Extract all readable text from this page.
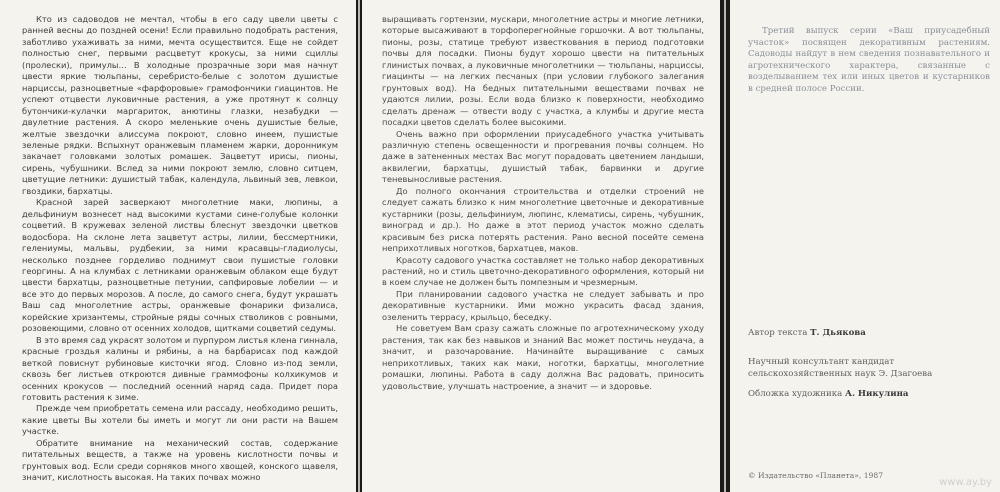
Кто из садоводов не мечтал, чтобы в его саду цвели цветы с ранней весны до поздней осени! Если правильно подобрать растения, заботливо ухаживать за ними, мечта осуществится. Еще не сойдет полностью снег, первыми расцветут крокусы, за ними сциллы (пролески), примулы… В холодные прозрачные зори мая начнут цвести яркие тюльпаны, серебристо-белые с золотом душистые нарциссы, разноцветные «фарфоровые» грамофончики гиацинтов. Не успеют отцвести луковичные растения, а уже протянут к солнцу бутончики-кулачки маргариток, анютины глазки, незабудки — двулетние растения. А скоро меленькие очень душистые белые, желтые звездочки алиссума покроют, словно инеем, пушистые зеленые рядки. Вспыхнут оранжевым пламенем жарки, доронникум закачает головками золотых ромашек. Зацветут ирисы, пионы, сирень, чубушники. Вслед за ними покроют землю, словно ситцем, цветущие летники: душистый табак, календула, львиный зев, левкои, гвоздики, бархатцы.

Красной зарей засверкают многолетние маки, люпины, а дельфиниум вознесет над высокими кустами сине-голубые колонки соцветий. В кружевах зеленой листвы блеснут звездочки цветков водосбора. На склоне лета зацветут астры, лилии, бессмертники, гелениумы, мальвы, рудбекии, за ними красавцы-гладиолусы, несколько позднее горделиво поднимут свои пушистые головки георгины. А на клумбах с летниками оранжевым облаком еще будут цвести бархатцы, разноцветные петунии, сапфировые лобелии — и все это до первых морозов. А после, до самого снега, будут украшать Ваш сад многолетние астры, оранжевые фонарики физалиса, корейские хризантемы, стройные ряды сочных стволиков с ровными, розовеющими, словно от осенних холодов, щитками соцветий седумы.

В это время сад украсят золотом и пурпуром листья клена гиннала, красные гроздья калины и рябины, а на барбарисах под каждой веткой повиснут рубиновые кисточки ягод. Словно из-под земли, сквозь бег листьев откроются дивные граммофоны колхикумов и осенних крокусов — последний осенний наряд сада. Придет пора готовить растения к зиме.

Прежде чем приобретать семена или рассаду, необходимо решить, какие цветы Вы хотели бы иметь и могут ли они расти на Вашем участке.

Обратите внимание на механический состав, содержание питательных веществ, а также на уровень кислотности почвы и грунтовых вод. Если среди сорняков много хвощей, конского щавеля, значит, кислотность высокая. На таких почвах можно

выращивать гортензии, мускари, многолетние астры и многие летники, которые высаживают в торфоперегнойные горшочки. А вот тюльпаны, пионы, розы, статице требуют известкования в период подготовки почвы для посадки. Пионы будут хорошо цвести на питательных глинистых почвах, а луковичные многолетники — тюльпаны, нарциссы, гиацинты — на легких песчаных (при условии глубокого залегания грунтовых вод). На бедных питательными веществами почвах не удаются лилии, розы. Если вода близко к поверхности, необходимо сделать дренаж — отвести воду с участка, а клумбы и другие места посадки цветов сделать более высокими.

Очень важно при оформлении приусадебного участка учитывать различную степень освещенности и прогревания почвы солнцем. Но даже в затененных местах Вас могут порадовать цветением ландыши, аквилегии, бархатцы, душистый табак, барвинки и другие теневыносливые растения.

До полного окончания строительства и отделки строений не следует сажать близко к ним многолетние цветочные и декоративные кустарники (розы, дельфиниум, люпинс, клематисы, сирень, чубушник, виноград и др.). Но даже в этот период участок можно сделать красивым без риска потерять растения. Рано весной посейте семена неприхотливых ноготков, бархатцев, маков.

Красоту садового участка составляет не только набор декоративных растений, но и стиль цветочно-декоративного оформления, который ни в коем случае не должен быть помпезным и чрезмерным.

При планировании садового участка не следует забывать и про декоративные кустарники. Ими можно украсить фасад здания, озеленить террасу, крыльцо, беседку.

Не советуем Вам сразу сажать сложные по агротехническому уходу растения, так как без навыков и знаний Вас может постичь неудача, а значит, и разочарование. Начинайте выращивание с самых неприхотливых, таких как маки, ноготки, бархатцы, многолетние ромашки, люпины. Работа в саду должна Вас радовать, приносить удовольствие, улучшать настроение, а значит — и здоровье.

Третий выпуск серии «Ваш приусадебный участок» посвящен декоративным растениям. Садоводы найдут в нем сведения познавательного и агротехнического характера, связанные с возделыванием тех или иных цветов и кустарников в средней полосе России.

Автор текста Т. Дьякова

Научный консультант кандидат сельскохозяйственных наук Э. Дзагоева

Обложка художника А. Никулина

© Издательство «Планета», 1987

www.ay.by
